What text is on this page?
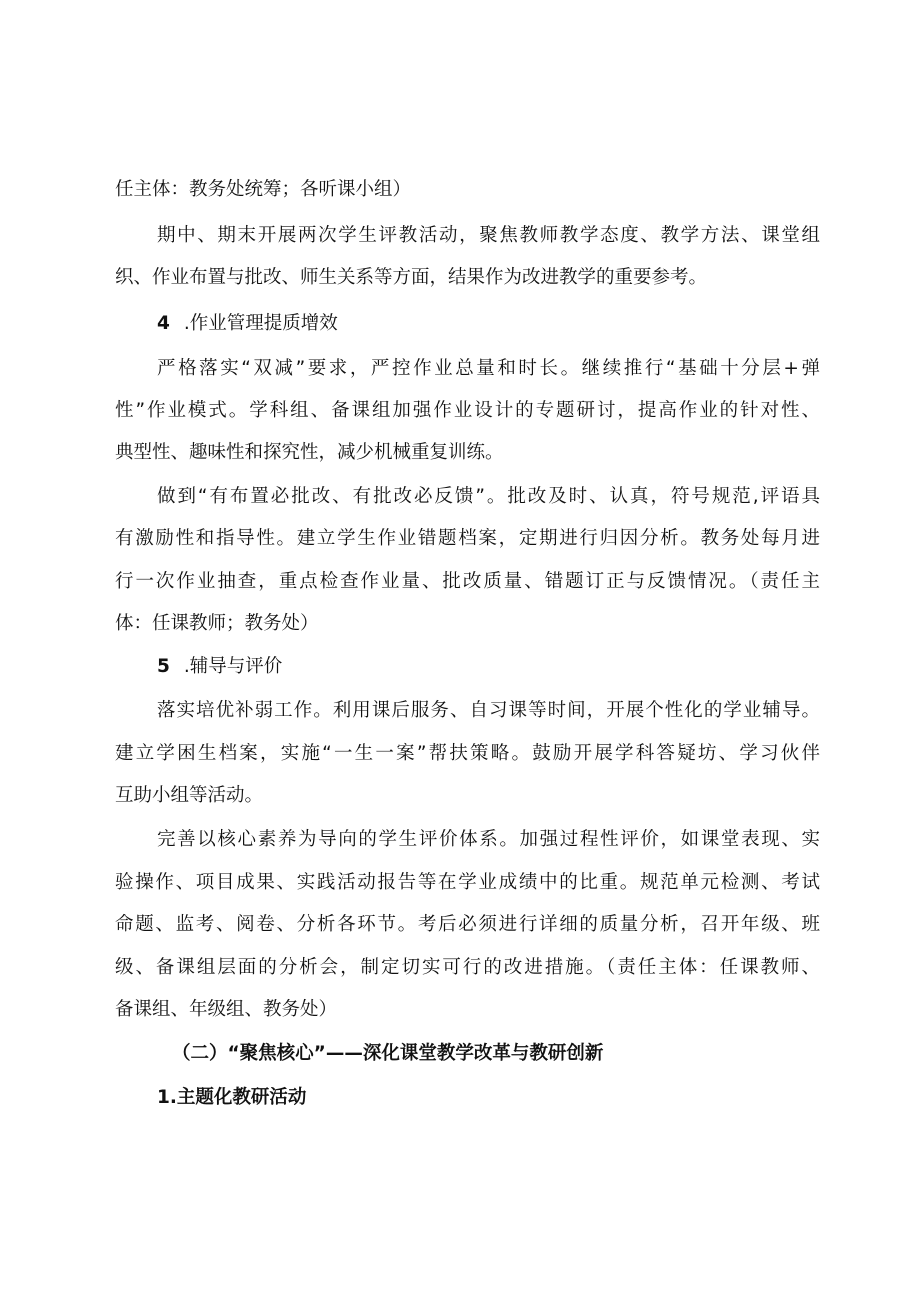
任主体：教务处统筹；各听课小组）
期中、期末开展两次学生评教活动，聚焦教师教学态度、教学方法、课堂组
织、作业布置与批改、师生关系等方面，结果作为改进教学的重要参考。
4 .作业管理提质增效
严格落实“双减”要求，严控作业总量和时长。继续推行“基础十分层+弹
性”作业模式。学科组、备课组加强作业设计的专题研讨，提高作业的针对性、
典型性、趣味性和探究性，减少机械重复训练。
做到“有布置必批改、有批改必反馈”。批改及时、认真，符号规范,评语具
有激励性和指导性。建立学生作业错题档案，定期进行归因分析。教务处每月进
行一次作业抽查，重点检查作业量、批改质量、错题订正与反馈情况。（责任主
体：任课教师；教务处）
5 .辅导与评价
落实培优补弱工作。利用课后服务、自习课等时间，开展个性化的学业辅导。
建立学困生档案，实施“一生一案”帮扶策略。鼓励开展学科答疑坊、学习伙伴
互助小组等活动。
完善以核心素养为导向的学生评价体系。加强过程性评价，如课堂表现、实
验操作、项目成果、实践活动报告等在学业成绩中的比重。规范单元检测、考试
命题、监考、阅卷、分析各环节。考后必须进行详细的质量分析，召开年级、班
级、备课组层面的分析会，制定切实可行的改进措施。（责任主体：任课教师、
备课组、年级组、教务处）
（二）“聚焦核心”——深化课堂教学改革与教研创新
1.主题化教研活动
